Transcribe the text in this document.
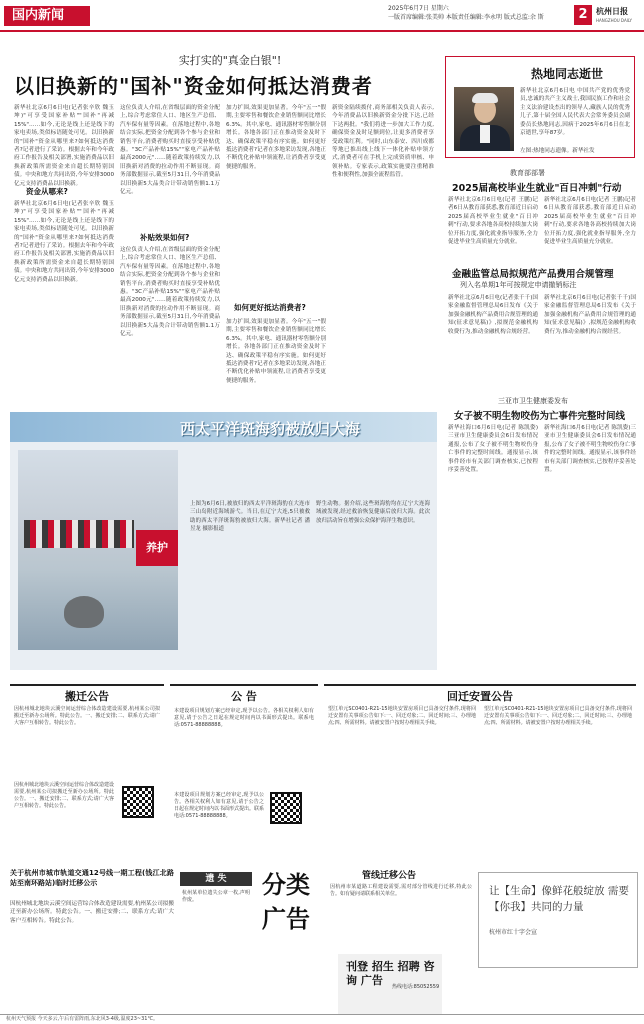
国内新闻	2025年6月7日 星期六
一版首席编辑:张美帅 本版责任编辑:李永明 版式总监:余 斯	2	杭州日报
HANGZHOU DAILY
实打实的"真金白银"!
以旧换新的"国补"资金如何抵达消费者
新华社北京6月6日电(记者张辛欣 魏玉坤)"可享受国家补贴""国补"再减15%"……如今,无论是线上还是线下的家电卖场,类似标语随处可见。以旧换新的"国补"资金从哪里来?如何抵达消费者?记者进行了采访。根据去年和今年政府工作报告及相关部署,实施消费品以旧换新政策所需资金来自超长期特别国债。中央和地方共同出资,今年安排3000亿元支持消费品以旧换新。
资金从哪来?
新华社北京6月6日电(记者张辛欣 魏玉坤)"可享受国家补贴""国补"再减15%"……如今,无论是线上还是线下的家电卖场,类似标语随处可见。以旧换新的"国补"资金从哪里来?如何抵达消费者?记者进行了采访。根据去年和今年政府工作报告及相关部署,实施消费品以旧换新政策所需资金来自超长期特别国债。中央和地方共同出资,今年安排3000亿元支持消费品以旧换新。
这位负责人介绍,在省级层面的资金分配上,综合考虑常住人口、地区生产总值、汽车保有量等因素。在落地过程中,各地结合实际,把资金分配到各个参与企业和销售平台,消费者购买时直接享受补贴优惠。"3C产品补贴15%""家电产品补贴最高2000元"……随着政策持续发力,以旧换新对消费的拉动作用不断显现。商务部数据显示,截至5月31日,今年消费品以旧换新5大品类合计带动销售额1.1万亿元。
补贴效果如何?
这位负责人介绍,在省级层面的资金分配上,综合考虑常住人口、地区生产总值、汽车保有量等因素。在落地过程中,各地结合实际,把资金分配到各个参与企业和销售平台,消费者购买时直接享受补贴优惠。"3C产品补贴15%""家电产品补贴最高2000元"……随着政策持续发力,以旧换新对消费的拉动作用不断显现。商务部数据显示,截至5月31日,今年消费品以旧换新5大品类合计带动销售额1.1万亿元。
加力扩围,效果更加显著。今年"五一"假期,主要零售和餐饮企业销售额同比增长6.3%。其中,家电、通讯器材零售额分别增长。各地各部门正在推动资金及时下达、确保政策平稳有序实施。如何更好抵达消费者?记者在多地采访发现,各地正不断优化补贴申领流程,让消费者享受更便捷的服务。
如何更好抵达消费者?
加力扩围,效果更加显著。今年"五一"假期,主要零售和餐饮企业销售额同比增长6.3%。其中,家电、通讯器材零售额分别增长。各地各部门正在推动资金及时下达、确保政策平稳有序实施。如何更好抵达消费者?记者在多地采访发现,各地正不断优化补贴申领流程,让消费者享受更便捷的服务。
新资金陆续拨付,商务部相关负责人表示,今年消费品以旧换新资金分批下达,已经下达两批。"我们将进一步加大工作力度,确保资金及时足额到位,让更多消费者享受政策红利。"同时,山东泰安、四川成都等地已推出线上线下一体化补贴申领方式,消费者可在手机上完成资质审核、申领补贴。专家表示,政策实施要注重精准性和便利性,加强全流程监管。
热地同志逝世
新华社北京6月6日电 中国共产党的优秀党员,忠诚的共产主义战士,我国民族工作和社会主义法治建设杰出的领导人,藏族人民的优秀儿子,第十届全国人民代表大会常务委员会副委员长热地同志,因病于2025年6月6日在北京逝世,享年87岁。
左图:热地同志遗像。新华社发
教育部部署
2025届高校毕业生就业"百日冲刺"行动
新华社北京6月6日电(记者 王鹏)记者6日从教育部获悉,教育部近日启动2025届高校毕业生就业"百日冲刺"行动,要求各地各高校持续加大岗位开拓力度,强化就业指导服务,全力促进毕业生高质量充分就业。
新华社北京6月6日电(记者 王鹏)记者6日从教育部获悉,教育部近日启动2025届高校毕业生就业"百日冲刺"行动,要求各地各高校持续加大岗位开拓力度,强化就业指导服务,全力促进毕业生高质量充分就业。
金融监管总局拟规范产品费用合规管理
列入名单期1年可按规定申请撤销标注
新华社北京6月6日电(记者张千千)国家金融监督管理总局6日发布《关于加强金融机构产品费用合规管理的通知(征求意见稿)》,拟规范金融机构收费行为,推动金融机构合规经营。
新华社北京6月6日电(记者张千千)国家金融监督管理总局6日发布《关于加强金融机构产品费用合规管理的通知(征求意见稿)》,拟规范金融机构收费行为,推动金融机构合规经营。
三亚市卫生健康委发布
女子被不明生物咬伤为亡事件完整时间线
新华社海口6月6日电(记者 陈凯姿)三亚市卫生健康委员会6日发布情况通报,公布了女子被不明生物咬伤身亡事件的完整时间线。通报显示,该事件经市有关部门调查核实,已按程序妥善处置。
新华社海口6月6日电(记者 陈凯姿)三亚市卫生健康委员会6日发布情况通报,公布了女子被不明生物咬伤身亡事件的完整时间线。通报显示,该事件经市有关部门调查核实,已按程序妥善处置。
西太平洋斑海豹被放归大海
养护
上图为6月6日,被放归的西太平洋斑海豹在大连市三山岛附近海域游弋。当日,在辽宁大连,5只被救助的西太平洋斑海豹被放归大海。新华社记者 潘昱龙 摄影报道
野生动物。据介绍,这些斑海豹均在辽宁大连海域被发现,经过救治恢复健康后放归大海。此次放归活动旨在增强公众保护海洋生物意识。
搬迁公告
因杭州城北地块云溪空间运营综合体改造建设需要,杭州某公司拟搬迁至新办公场所。特此公告。一、搬迁安排;二、联系方式;请广大客户互相转告。特此公告。
因杭州城北地块云溪空间运营综合体改造建设需要,杭州某公司拟搬迁至新办公场所。特此公告。一、搬迁安排;二、联系方式;请广大客户互相转告。特此公告。
公 告
本建设项目规划方案已经审定,现予以公告。各相关权利人如有意见,请于公告之日起在规定时间内以书面形式提出。联系电话:0571-88888888。
本建设项目规划方案已经审定,现予以公告。各相关权利人如有意见,请于公告之日起在规定时间内以书面形式提出。联系电话:0571-88888888。
回迁安置公告
望江单元SC0401-R21-15地块安置房项目已具备交付条件,现将回迁安置有关事项公告如下:一、回迁对象;二、回迁时间;三、办理地点;四、所需材料。请被安置户按时办理相关手续。
望江单元SC0401-R21-15地块安置房项目已具备交付条件,现将回迁安置有关事项公告如下:一、回迁对象;二、回迁时间;三、办理地点;四、所需材料。请被安置户按时办理相关手续。
关于杭州市城市轨道交通12号线一期工程(钱江北路站至南环路站)临时迁移公示
因杭州城北地块云溪空间运营综合体改造建设需要,杭州某公司拟搬迁至新办公场所。特此公告。一、搬迁安排;二、联系方式;请广大客户互相转告。特此公告。
遗 失
杭州某单位遗失公章一枚,声明作废。
分类
广告
管线迁移公告
因杭州市某道路工程建设需要,需对部分管线进行迁移,特此公告。如有疑问请联系相关单位。
刊登 招生 招聘 咨询 广告	热线电话:85052559
让【生命】像鲜花般绽放 需要【你我】共同的力量
杭州市红十字会宣
杭州天气预报 今天多云,午后有雷阵雨,东北风3-4级,温度23~31℃。
